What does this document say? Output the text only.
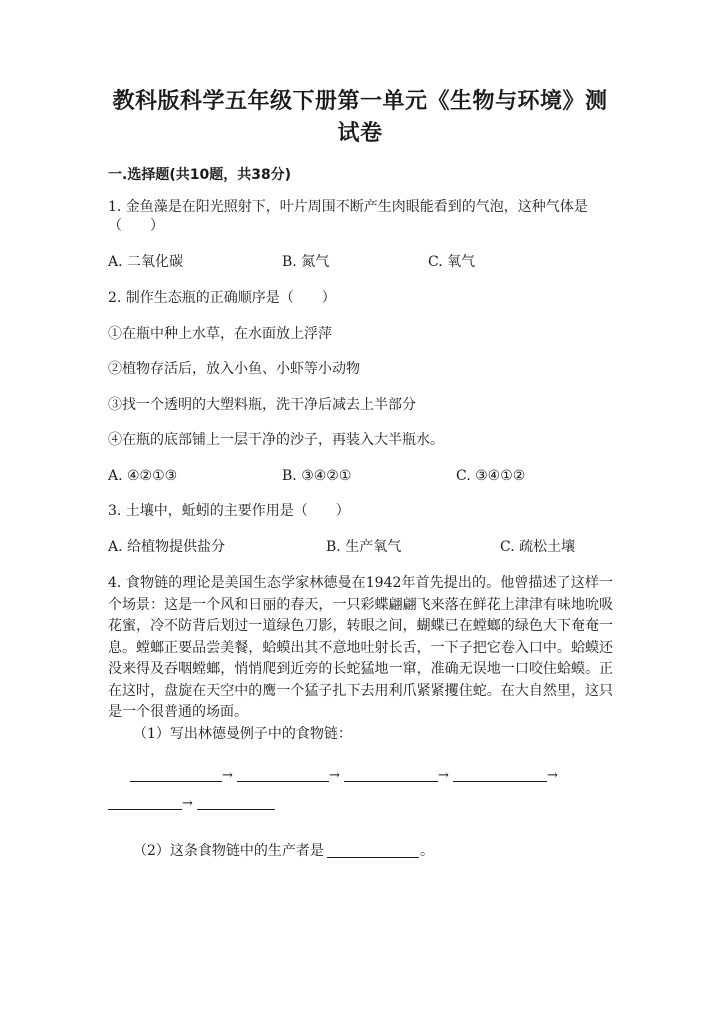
教科版科学五年级下册第一单元《生物与环境》测
试卷
一.选择题(共10题，共38分)
1. 金鱼藻是在阳光照射下，叶片周围不断产生肉眼能看到的气泡，这种气体是
（　　）
A. 二氧化碳	B. 氮气	C. 氧气
2. 制作生态瓶的正确顺序是（　　）
①在瓶中种上水草，在水面放上浮萍
②植物存活后，放入小鱼、小虾等小动物
③找一个透明的大塑料瓶，洗干净后减去上半部分
④在瓶的底部铺上一层干净的沙子，再装入大半瓶水。
A. ④②①③	B. ③④②①	C. ③④①②
3. 土壤中，蚯蚓的主要作用是（　　）
A. 给植物提供盐分	B. 生产氧气	C. 疏松土壤
4. 食物链的理论是美国生态学家林德曼在1942年首先提出的。他曾描述了这样一个场景：这是一个风和日丽的春天，一只彩蝶翩翩飞来落在鲜花上津津有味地吮吸花蜜，冷不防背后划过一道绿色刀影，转眼之间，蝴蝶已在螳螂的绿色大下奄奄一息。螳螂正要品尝美餐，蛤蟆出其不意地吐射长舌，一下子把它卷入口中。蛤蟆还没来得及吞咽螳螂，悄悄爬到近旁的长蛇猛地一窜，准确无误地一口咬住蛤蟆。正在这时，盘旋在天空中的鹰一个猛子扎下去用利爪紧紧攫住蛇。在大自然里，这只是一个很普通的场面。
（1）写出林德曼例子中的食物链：
→	→	→	→
→
（2）这条食物链中的生产者是	。
